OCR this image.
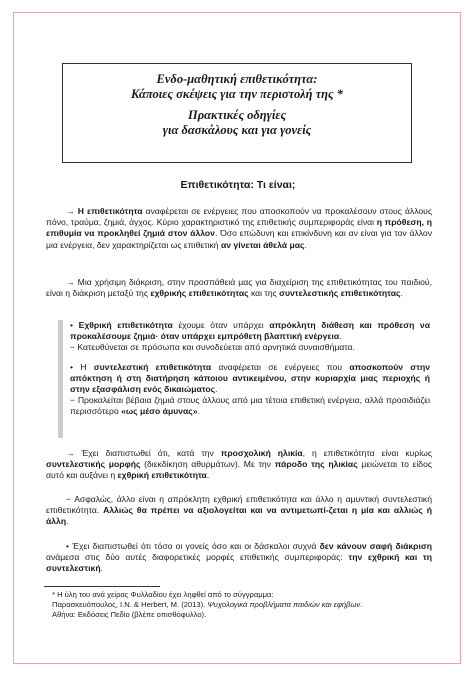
Ενδο-μαθητική επιθετικότητα:
Κάποιες σκέψεις για την περιστολή της *
Πρακτικές οδηγίες
για δασκάλους και για γονείς
Επιθετικότητα: Τι είναι;
→ Η επιθετικότητα αναφέρεται σε ενέργειες που αποσκοπούν να προκαλέσουν στους άλλους πόνο, τραύμα, ζημιά, άγχος. Κύριο χαρακτηριστικό της επιθετικής συμπεριφοράς είναι η πρόθεση, η επιθυμία να προκληθεί ζημιά στον άλλον. Όσο επώδυνη και επικίνδυνη και αν είναι για τον άλλον μια ενέργεια, δεν χαρακτηρίζεται ως επιθετική αν γίνεται άθελά μας.
→ Μια χρήσιμη διάκριση, στην προσπάθειά μας για διαχείριση της επιθετικότητας του παιδιού, είναι η διάκριση μεταξύ της εχθρικής επιθετικότητας και της συντελεστικής επιθετικότητας.

• Εχθρική επιθετικότητα έχουμε όταν υπάρχει απρόκλητη διάθεση και πρόθεση να προκαλέσουμε ζημιά· όταν υπάρχει εμπρόθετη βλαπτική ενέργεια.

− Κατευθύνεται σε πρόσωπα και συνοδεύεται από αρνητικά συναισθήματα.

• Η συντελεστική επιθετικότητα αναφέρεται σε ενέργειες που αποσκοπούν στην απόκτηση ή στη διατήρηση κάποιου αντικειμένου, στην κυριαρχία μιας περιοχής ή στην εξασφάλιση ενός δικαιώματος.

− Προκαλείται βέβαια ζημιά στους άλλους από μια τέτοια επιθετική ενέργεια, αλλά προσιδιάζει περισσότερο «ως μέσο άμυνας».

→ Έχει διαπιστωθεί ότι, κατά την προσχολική ηλικία, η επιθετικότητα είναι κυρίως συντελεστικής μορφής (διεκδίκηση αθυρμάτων). Με την πάροδο της ηλικίας μειώνεται το είδος αυτό και αυξάνει η εχθρική επιθετικότητα.
− Ασφαλώς, άλλο είναι η απρόκλητη εχθρική επιθετικότητα και άλλο η αμυντική συντελεστική επιθετικότητα. Αλλιώς θα πρέπει να αξιολογείται και να αντιμετωπί-ζεται η μία και αλλιώς ή άλλη.
• Έχει διαπιστωθεί ότι τόσο οι γονείς όσο και οι δάσκαλοι συχνά δεν κάνουν σαφή διάκριση ανάμεσα στις δύο αυτές διαφορετικές μορφές επιθετικής συμπεριφοράς: την εχθρική και τη συντελεστική.
* Η ύλη του ανά χείρας Φυλλαδίου έχει ληφθεί από το σύγγραμμα:
Παρασκευόπουλος, Ι.Ν. & Herbert, M. (2013). Ψυχολογικά προβλήματα παιδιών και εφήβων.
Αθήνα: Εκδόσεις Πεδίο (βλέπε οπισθόφυλλο).
